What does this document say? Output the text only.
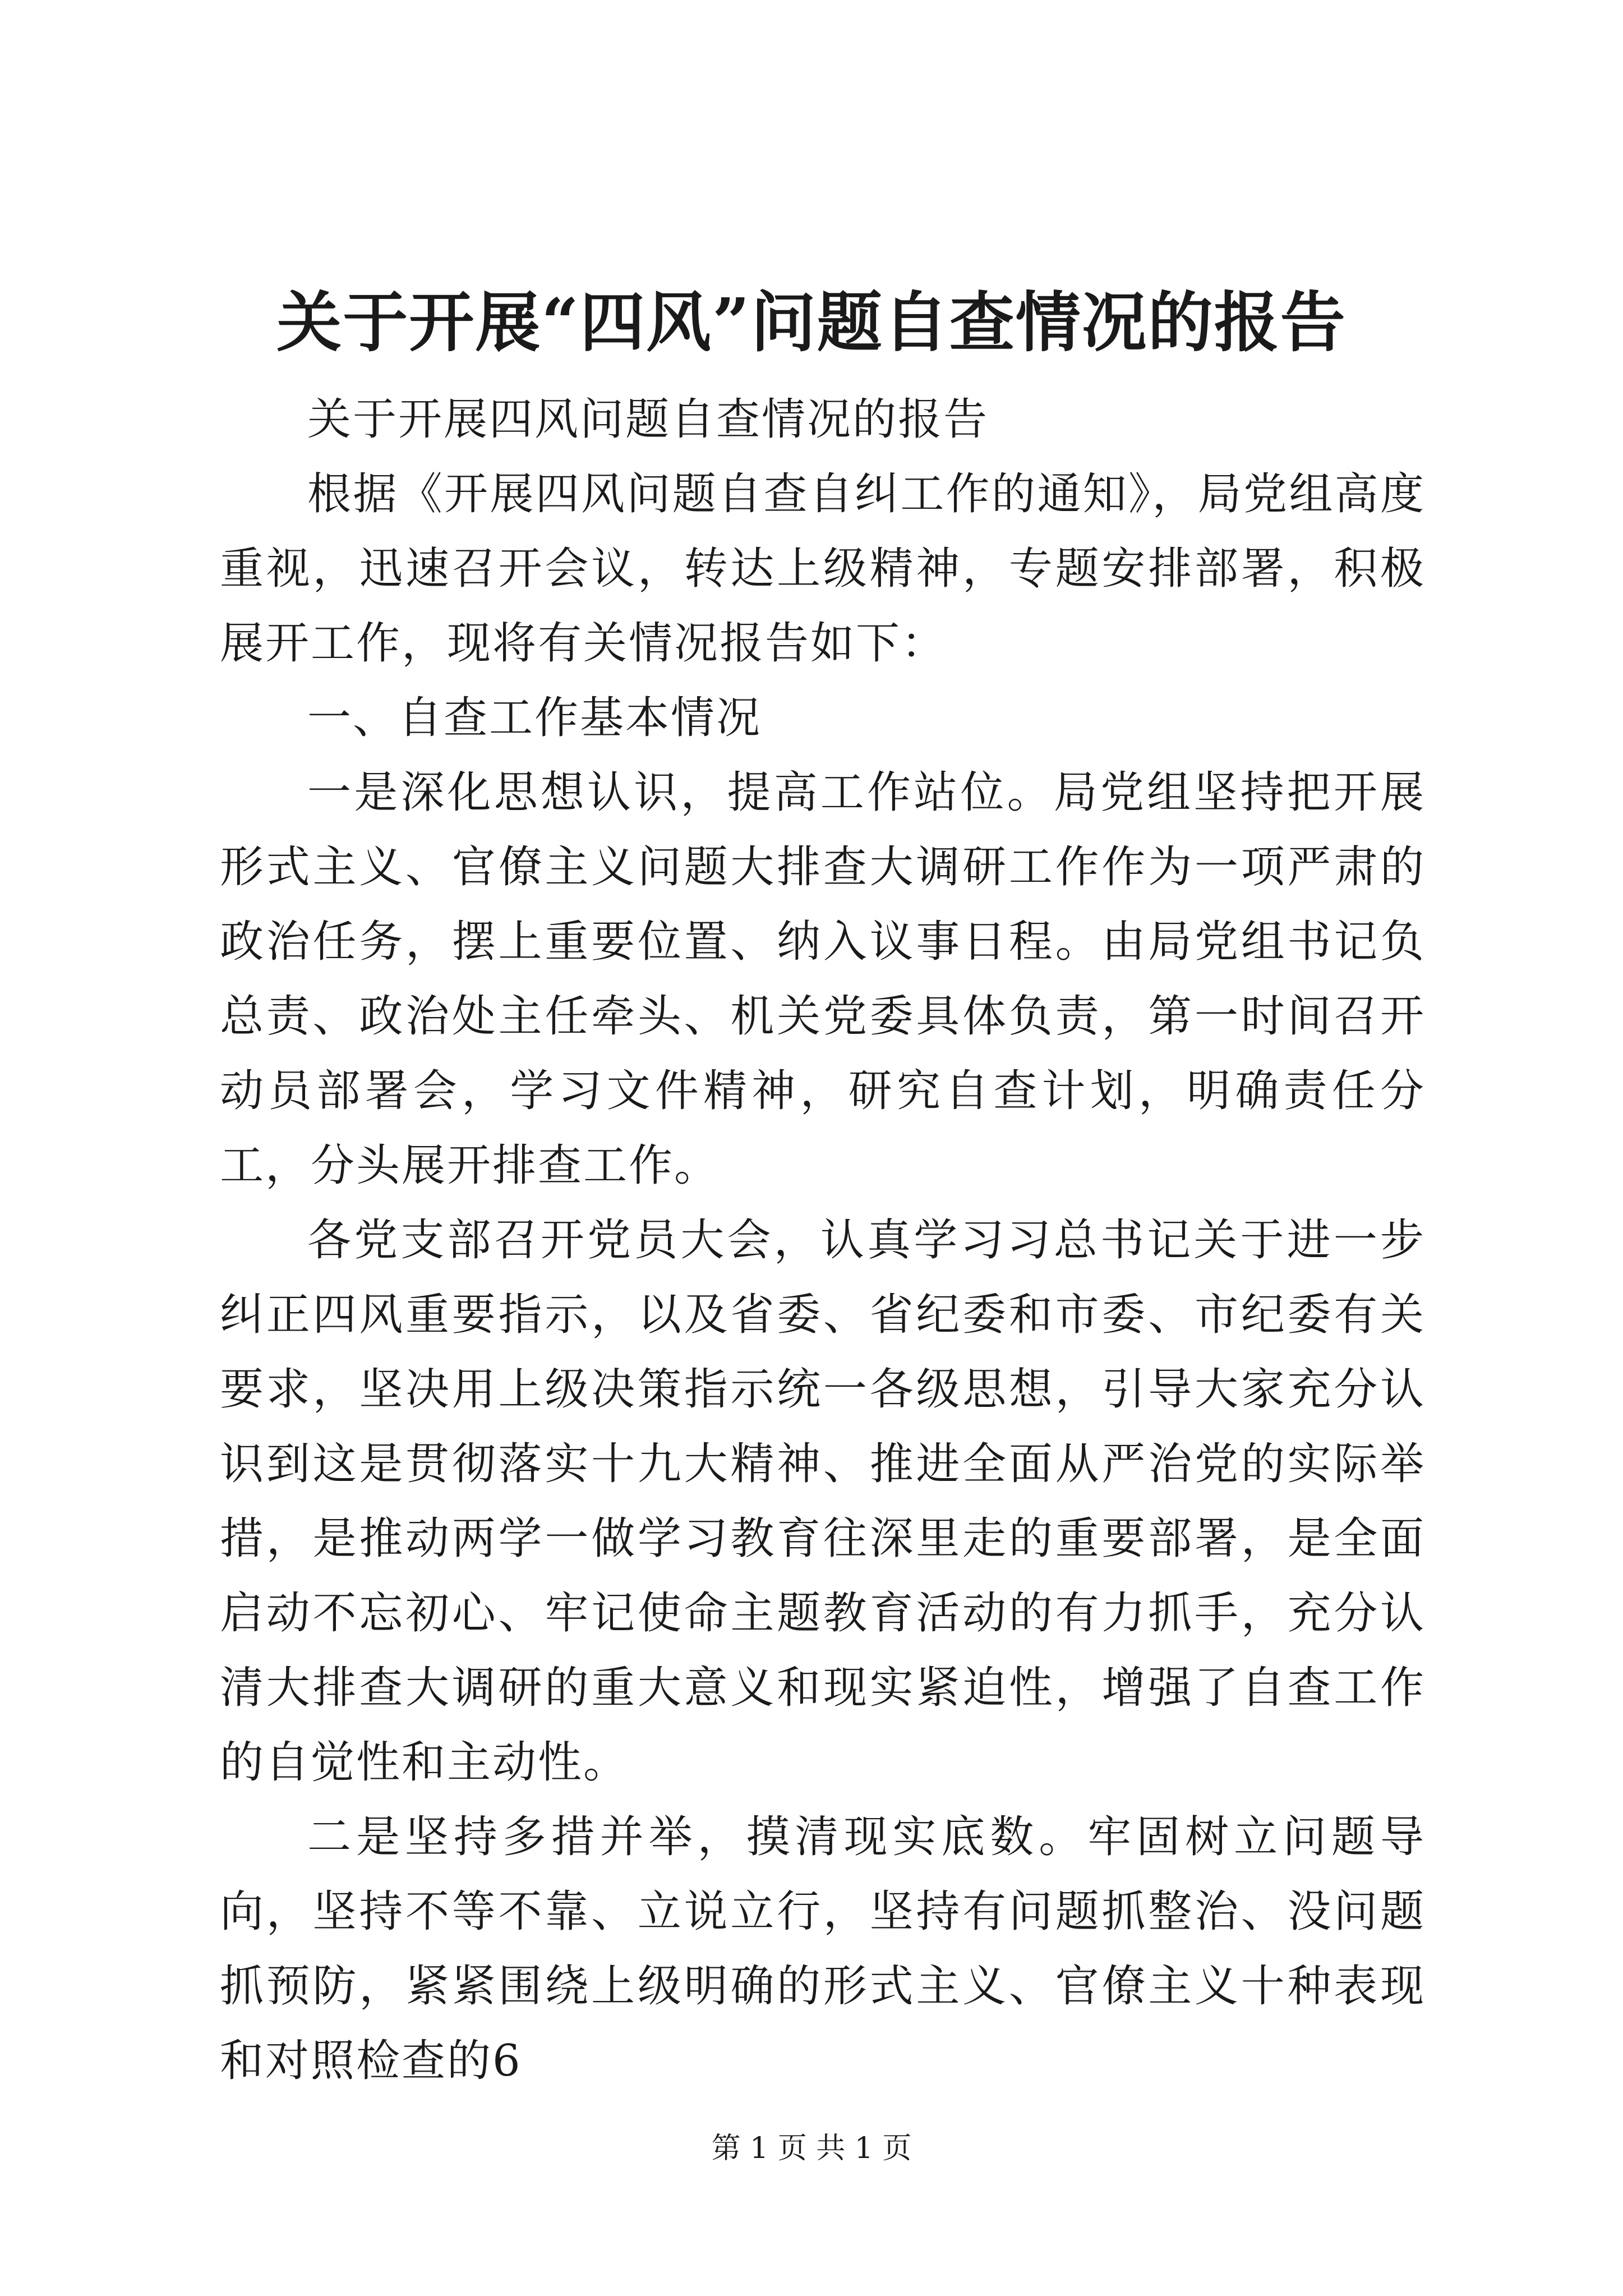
关于开展“四风”问题自查情况的报告

关于开展四风问题自查情况的报告

根据《开展四风问题自查自纠工作的通知》，局党组高度重视，迅速召开会议，转达上级精神，专题安排部署，积极展开工作，现将有关情况报告如下：

一、自查工作基本情况

一是深化思想认识，提高工作站位。局党组坚持把开展形式主义、官僚主义问题大排查大调研工作作为一项严肃的政治任务，摆上重要位置、纳入议事日程。由局党组书记负总责、政治处主任牵头、机关党委具体负责，第一时间召开动员部署会，学习文件精神，研究自查计划，明确责任分工，分头展开排查工作。

各党支部召开党员大会，认真学习习总书记关于进一步纠正四风重要指示，以及省委、省纪委和市委、市纪委有关要求，坚决用上级决策指示统一各级思想，引导大家充分认识到这是贯彻落实十九大精神、推进全面从严治党的实际举措，是推动两学一做学习教育往深里走的重要部署，是全面启动不忘初心、牢记使命主题教育活动的有力抓手，充分认清大排查大调研的重大意义和现实紧迫性，增强了自查工作的自觉性和主动性。

二是坚持多措并举，摸清现实底数。牢固树立问题导向，坚持不等不靠、立说立行，坚持有问题抓整治、没问题抓预防，紧紧围绕上级明确的形式主义、官僚主义十种表现和对照检查的6

第 1 页 共 1 页
